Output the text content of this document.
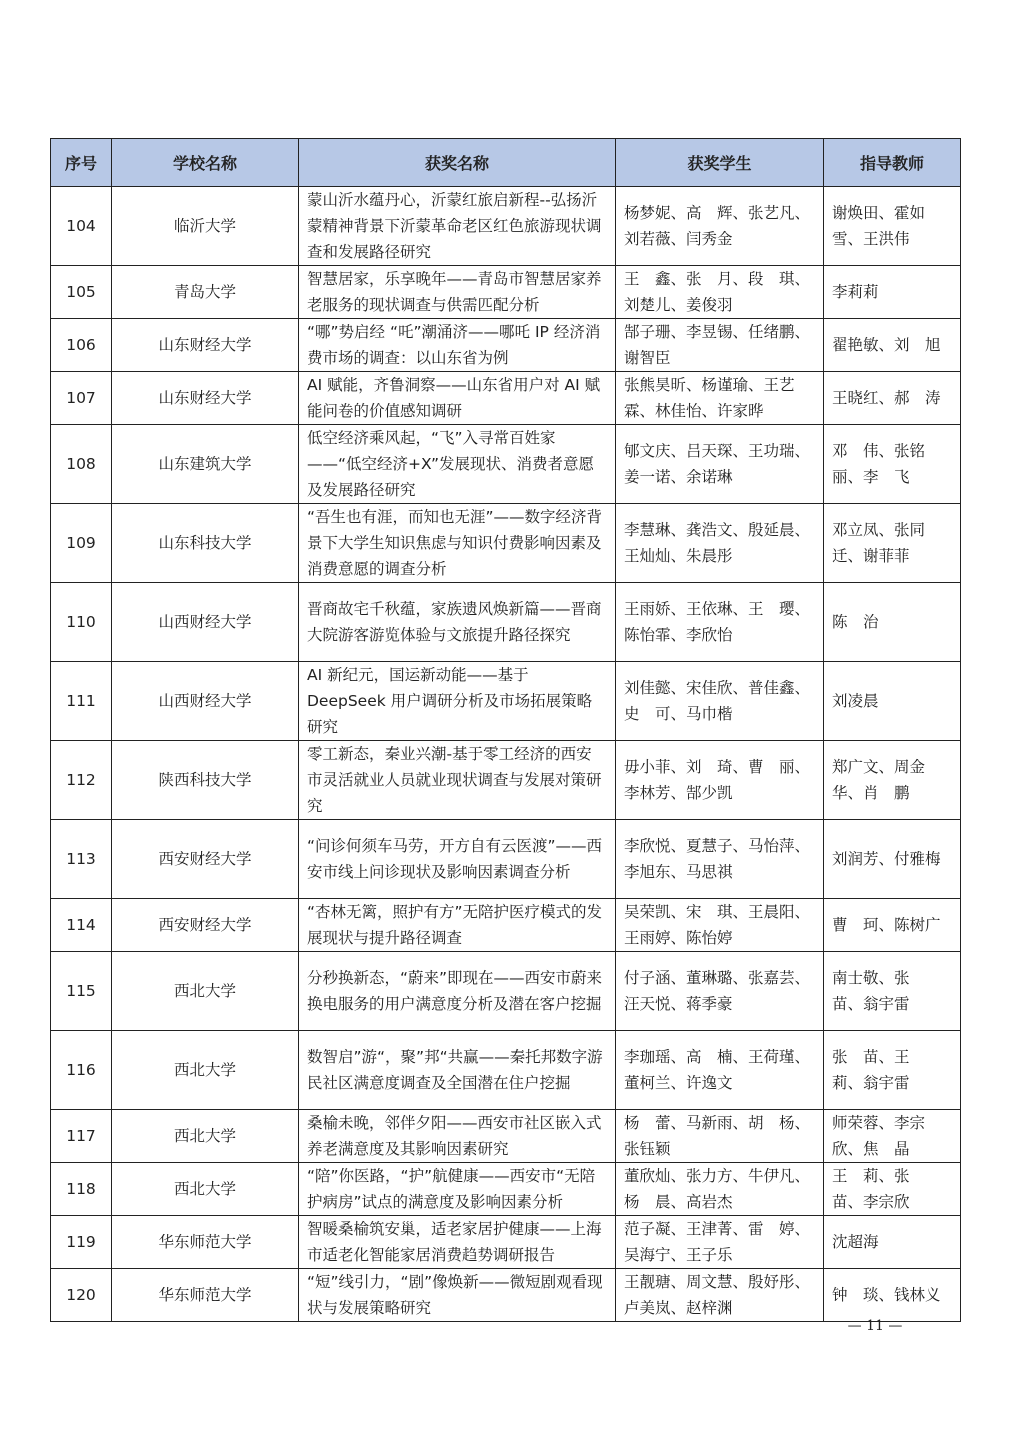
序号	学校名称	获奖名称	获奖学生	指导教师
104	临沂大学	蒙山沂水蕴丹心，沂蒙红旅启新程--弘扬沂蒙精神背景下沂蒙革命老区红色旅游现状调查和发展路径研究	杨梦妮、高　辉、张艺凡、刘若薇、闫秀金	谢焕田、霍如雪、王洪伟
105	青岛大学	智慧居家，乐享晚年——青岛市智慧居家养老服务的现状调查与供需匹配分析	王　鑫、张　月、段　琪、刘楚儿、姜俊羽	李莉莉
106	山东财经大学	“哪”势启经 “吒”潮涌济——哪吒 IP 经济消费市场的调查：以山东省为例	郜子珊、李昱锡、任绪鹏、谢智臣	翟艳敏、刘　旭
107	山东财经大学	AI 赋能，齐鲁洞察——山东省用户对 AI 赋能问卷的价值感知调研	张熊昊昕、杨谨瑜、王艺霖、林佳怡、许家晔	王晓红、郝　涛
108	山东建筑大学	低空经济乘风起，“飞”入寻常百姓家——“低空经济+X”发展现状、消费者意愿及发展路径研究	郇文庆、吕天琛、王功瑞、姜一诺、余诺琳	邓　伟、张铭丽、李　飞
109	山东科技大学	“吾生也有涯，而知也无涯”——数字经济背景下大学生知识焦虑与知识付费影响因素及消费意愿的调查分析	李慧琳、龚浩文、殷延晨、王灿灿、朱晨彤	邓立凤、张同迁、谢菲菲
110	山西财经大学	晋商故宅千秋蕴，家族遗风焕新篇——晋商大院游客游览体验与文旅提升路径探究	王雨娇、王依琳、王　璎、陈怡霏、李欣怡	陈　治
111	山西财经大学	AI 新纪元，国运新动能——基于 DeepSeek 用户调研分析及市场拓展策略研究	刘佳懿、宋佳欣、普佳鑫、史　可、马巾楷	刘凌晨
112	陕西科技大学	零工新态，秦业兴潮-基于零工经济的西安市灵活就业人员就业现状调查与发展对策研究	毋小菲、刘　琦、曹　丽、李林芳、郜少凯	郑广文、周金华、肖　鹏
113	西安财经大学	“问诊何须车马劳，开方自有云医渡”——西安市线上问诊现状及影响因素调查分析	李欣悦、夏慧子、马怡萍、李旭东、马思祺	刘润芳、付雅梅
114	西安财经大学	“杏林无篱，照护有方”无陪护医疗模式的发展现状与提升路径调查	吴荣凯、宋　琪、王晨阳、王雨婷、陈怡婷	曹　珂、陈树广
115	西北大学	分秒换新态，“蔚来”即现在——西安市蔚来换电服务的用户满意度分析及潜在客户挖掘	付子涵、董琳璐、张嘉芸、汪天悦、蒋季豪	南士敬、张　苗、翁宇雷
116	西北大学	数智启”游“，聚”邦“共赢——秦托邦数字游民社区满意度调查及全国潜在住户挖掘	李珈瑶、高　楠、王荷瑾、董柯兰、许逸文	张　苗、王　莉、翁宇雷
117	西北大学	桑榆未晚，邻伴夕阳——西安市社区嵌入式养老满意度及其影响因素研究	杨　蕾、马新雨、胡　杨、张钰颖	师荣蓉、李宗欣、焦　晶
118	西北大学	“陪”你医路，“护”航健康——西安市“无陪护病房”试点的满意度及影响因素分析	董欣灿、张力方、牛伊凡、杨　晨、高岩杰	王　莉、张　苗、李宗欣
119	华东师范大学	智暖桑榆筑安巢，适老家居护健康——上海市适老化智能家居消费趋势调研报告	范子凝、王津菁、雷　婷、吴海宁、王子乐	沈超海
120	华东师范大学	“短”线引力，“剧”像焕新——微短剧观看现状与发展策略研究	王靓瑭、周文慧、殷妤彤、卢美岚、赵梓渊	钟　琰、钱林义
— 11 —
